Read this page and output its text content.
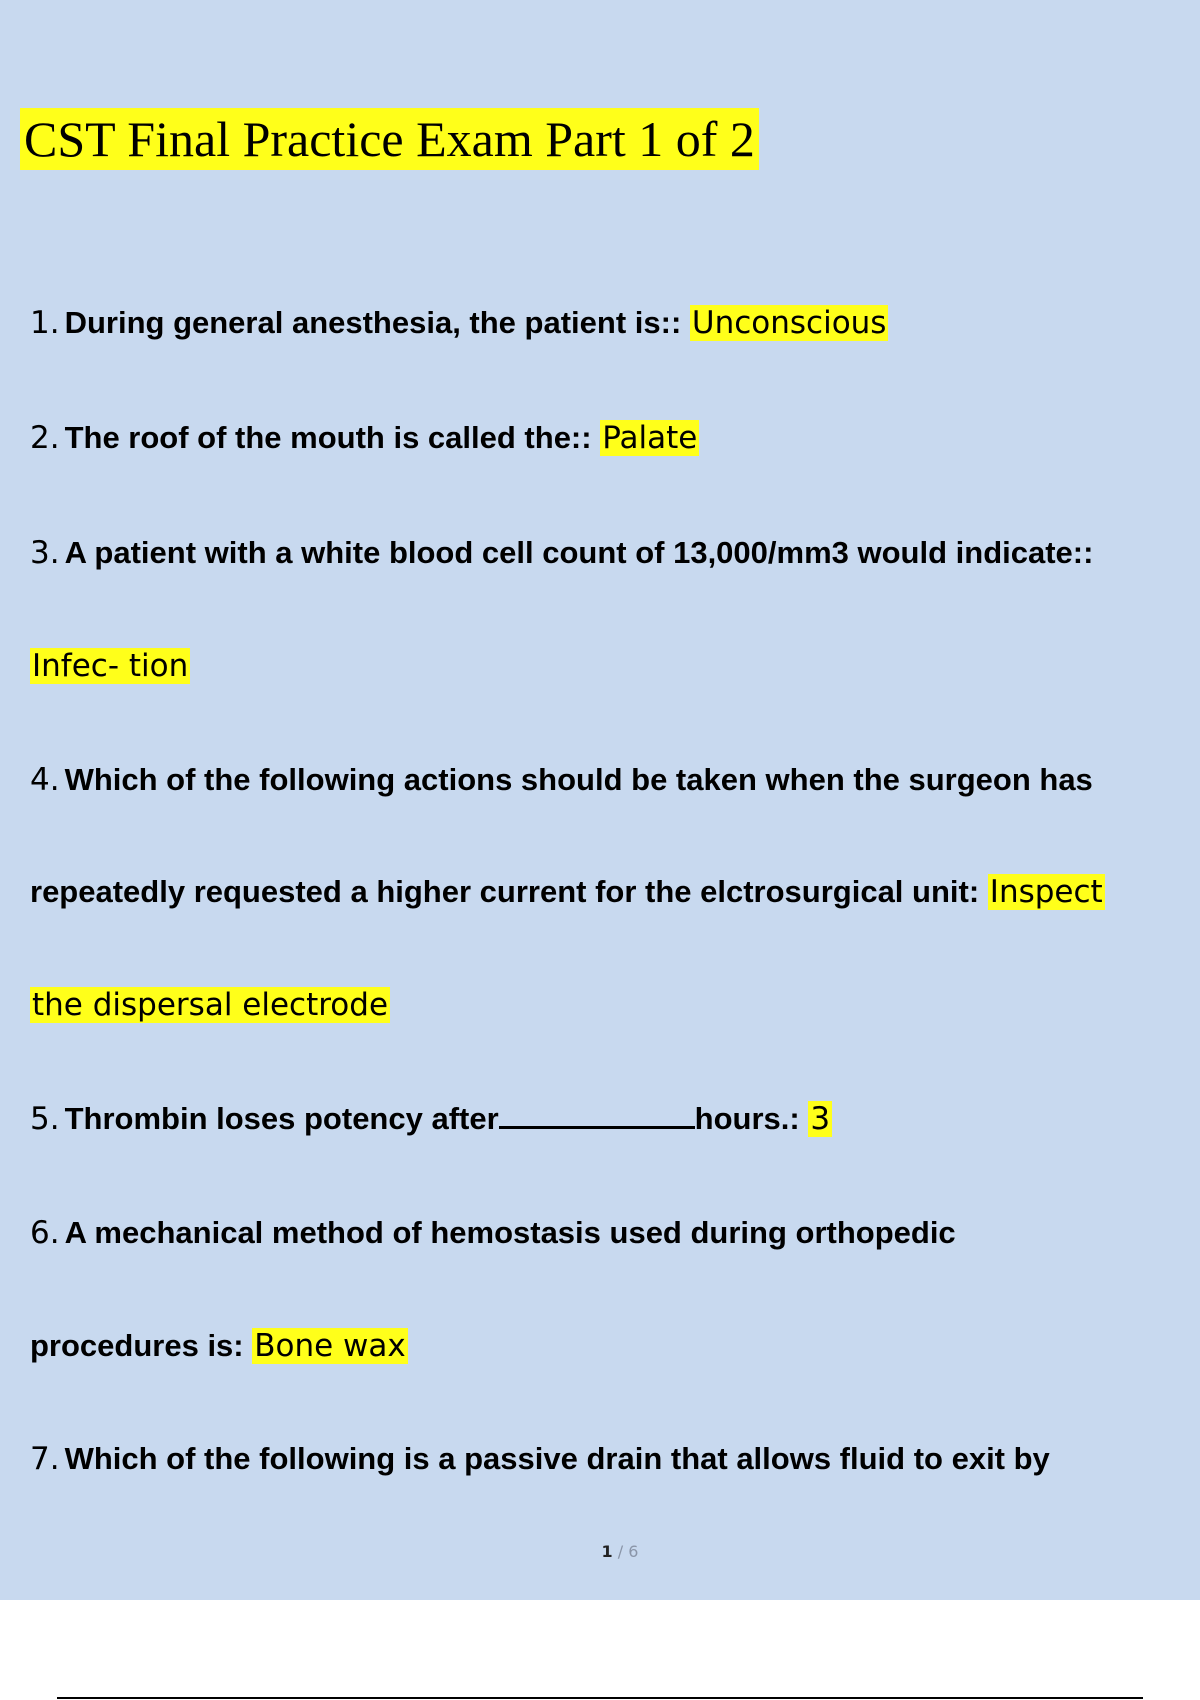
CST Final Practice Exam Part 1 of 2
1. During general anesthesia, the patient is:: Unconscious
2. The roof of the mouth is called the:: Palate
3. A patient with a white blood cell count of 13,000/mm3 would indicate::
Infec- tion
4. Which of the following actions should be taken when the surgeon has
repeatedly requested a higher current for the elctrosurgical unit: Inspect
the dispersal electrode
5. Thrombin loses potency after	hours.: 3
6. A mechanical method of hemostasis used during orthopedic
procedures is: Bone wax
7. Which of the following is a passive drain that allows fluid to exit by
1 / 6
